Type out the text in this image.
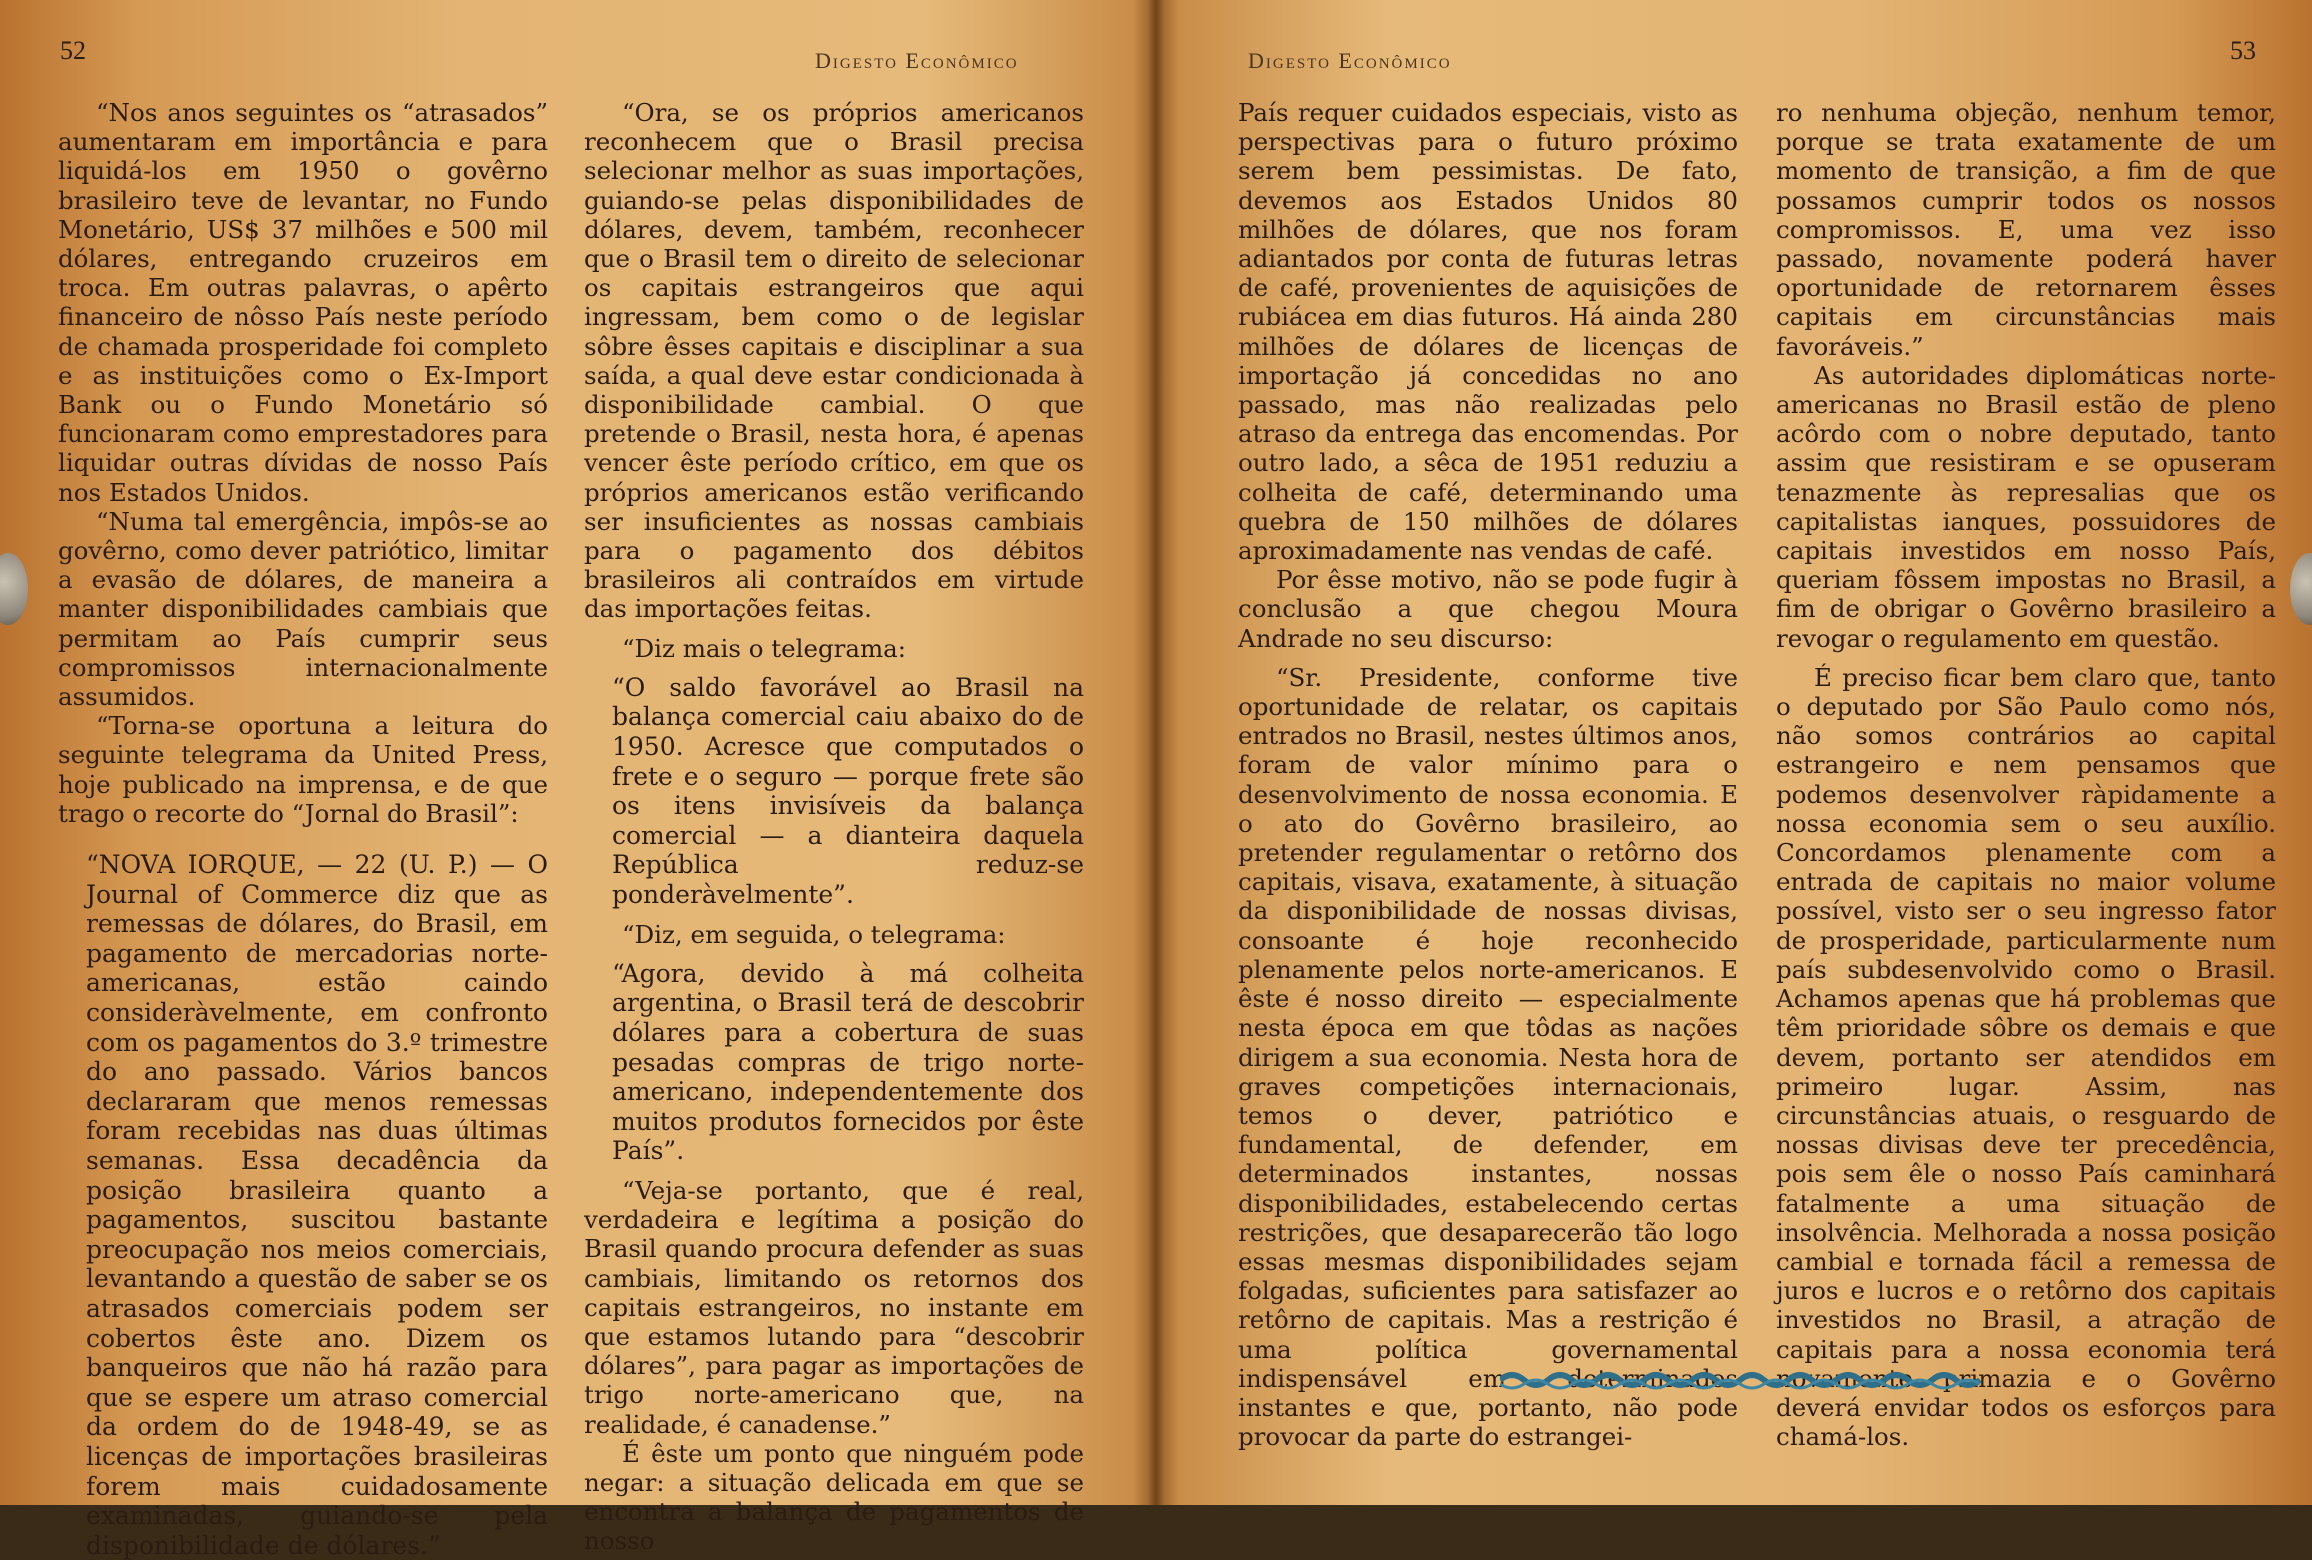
52	Digesto Econômico

“Nos anos seguintes os “atrasados” aumentaram em importância e para liquidá-los em 1950 o govêrno brasileiro teve de levantar, no Fundo Monetário, US$ 37 milhões e 500 mil dólares, entregando cruzeiros em troca. Em outras palavras, o apêrto financeiro de nôsso País neste período de chamada prosperidade foi completo e as instituições como o Ex-Import Bank ou o Fundo Monetário só funcionaram como emprestadores para liquidar outras dívidas de nosso País nos Estados Unidos.

“Numa tal emergência, impôs-se ao govêrno, como dever patriótico, limitar a evasão de dólares, de maneira a manter disponibilidades cambiais que permitam ao País cumprir seus compromissos internacionalmente assumidos.

“Torna-se oportuna a leitura do seguinte telegrama da United Press, hoje publicado na imprensa, e de que trago o recorte do “Jornal do Brasil”:

“NOVA IORQUE, — 22 (U. P.) — O Journal of Commerce diz que as remessas de dólares, do Brasil, em pagamento de mercadorias norte-americanas, estão caindo consideràvelmente, em confronto com os pagamentos do 3.º trimestre do ano passado. Vários bancos declararam que menos remessas foram recebidas nas duas últimas semanas. Essa decadência da posição brasileira quanto a pagamentos, suscitou bastante preocupação nos meios comerciais, levantando a questão de saber se os atrasados comerciais podem ser cobertos êste ano. Dizem os banqueiros que não há razão para que se espere um atraso comercial da ordem do de 1948-49, se as licenças de importações brasileiras forem mais cuidadosamente examinadas, guiando-se pela disponibilidade de dólares.”

“Ora, se os próprios americanos reconhecem que o Brasil precisa selecionar melhor as suas importações, guiando-se pelas disponibilidades de dólares, devem, também, reconhecer que o Brasil tem o direito de selecionar os capitais estrangeiros que aqui ingressam, bem como o de legislar sôbre êsses capitais e disciplinar a sua saída, a qual deve estar condicionada à disponibilidade cambial. O que pretende o Brasil, nesta hora, é apenas vencer êste período crítico, em que os próprios americanos estão verificando ser insuficientes as nossas cambiais para o pagamento dos débitos brasileiros ali contraídos em virtude das importações feitas.

“Diz mais o telegrama:

“O saldo favorável ao Brasil na balança comercial caiu abaixo do de 1950. Acresce que computados o frete e o seguro — porque frete são os itens invisíveis da balança comercial — a dianteira daquela República reduz-se ponderàvelmente”.

“Diz, em seguida, o telegrama:

“Agora, devido à má colheita argentina, o Brasil terá de descobrir dólares para a cobertura de suas pesadas compras de trigo norte-americano, independentemente dos muitos produtos fornecidos por êste País”.

“Veja-se portanto, que é real, verdadeira e legítima a posição do Brasil quando procura defender as suas cambiais, limitando os retornos dos capitais estrangeiros, no instante em que estamos lutando para “descobrir dólares”, para pagar as importações de trigo norte-americano que, na realidade, é canadense.”

É êste um ponto que ninguém pode negar: a situação delicada em que se encontra a balança de pagamentos de nosso

Digesto Econômico	53

País requer cuidados especiais, visto as perspectivas para o futuro próximo serem bem pessimistas. De fato, devemos aos Estados Unidos 80 milhões de dólares, que nos foram adiantados por conta de futuras letras de café, provenientes de aquisições de rubiácea em dias futuros. Há ainda 280 milhões de dólares de licenças de importação já concedidas no ano passado, mas não realizadas pelo atraso da entrega das encomendas. Por outro lado, a sêca de 1951 reduziu a colheita de café, determinando uma quebra de 150 milhões de dólares aproximadamente nas vendas de café.

Por êsse motivo, não se pode fugir à conclusão a que chegou Moura Andrade no seu discurso:

“Sr. Presidente, conforme tive oportunidade de relatar, os capitais entrados no Brasil, nestes últimos anos, foram de valor mínimo para o desenvolvimento de nossa economia. E o ato do Govêrno brasileiro, ao pretender regulamentar o retôrno dos capitais, visava, exatamente, à situação da disponibilidade de nossas divisas, consoante é hoje reconhecido plenamente pelos norte-americanos. E êste é nosso direito — especialmente nesta época em que tôdas as nações dirigem a sua economia. Nesta hora de graves competições internacionais, temos o dever, patriótico e fundamental, de defender, em determinados instantes, nossas disponibilidades, estabelecendo certas restrições, que desaparecerão tão logo essas mesmas disponibilidades sejam folgadas, suficientes para satisfazer ao retôrno de capitais. Mas a restrição é uma política governamental indispensável em determinados instantes e que, portanto, não pode provocar da parte do estrangei-

ro nenhuma objeção, nenhum temor, porque se trata exatamente de um momento de transição, a fim de que possamos cumprir todos os nossos compromissos. E, uma vez isso passado, novamente poderá haver oportunidade de retornarem êsses capitais em circunstâncias mais favoráveis.”

As autoridades diplomáticas norte-americanas no Brasil estão de pleno acôrdo com o nobre deputado, tanto assim que resistiram e se opuseram tenazmente às represalias que os capitalistas ianques, possuidores de capitais investidos em nosso País, queriam fôssem impostas no Brasil, a fim de obrigar o Govêrno brasileiro a revogar o regulamento em questão.

É preciso ficar bem claro que, tanto o deputado por São Paulo como nós, não somos contrários ao capital estrangeiro e nem pensamos que podemos desenvolver ràpidamente a nossa economia sem o seu auxílio. Concordamos plenamente com a entrada de capitais no maior volume possível, visto ser o seu ingresso fator de prosperidade, particularmente num país subdesenvolvido como o Brasil. Achamos apenas que há problemas que têm prioridade sôbre os demais e que devem, portanto ser atendidos em primeiro lugar. Assim, nas circunstâncias atuais, o resguardo de nossas divisas deve ter precedência, pois sem êle o nosso País caminhará fatalmente a uma situação de insolvência. Melhorada a nossa posição cambial e tornada fácil a remessa de juros e lucros e o retôrno dos capitais investidos no Brasil, a atração de capitais para a nossa economia terá novamente primazia e o Govêrno deverá envidar todos os esforços para chamá-los.
